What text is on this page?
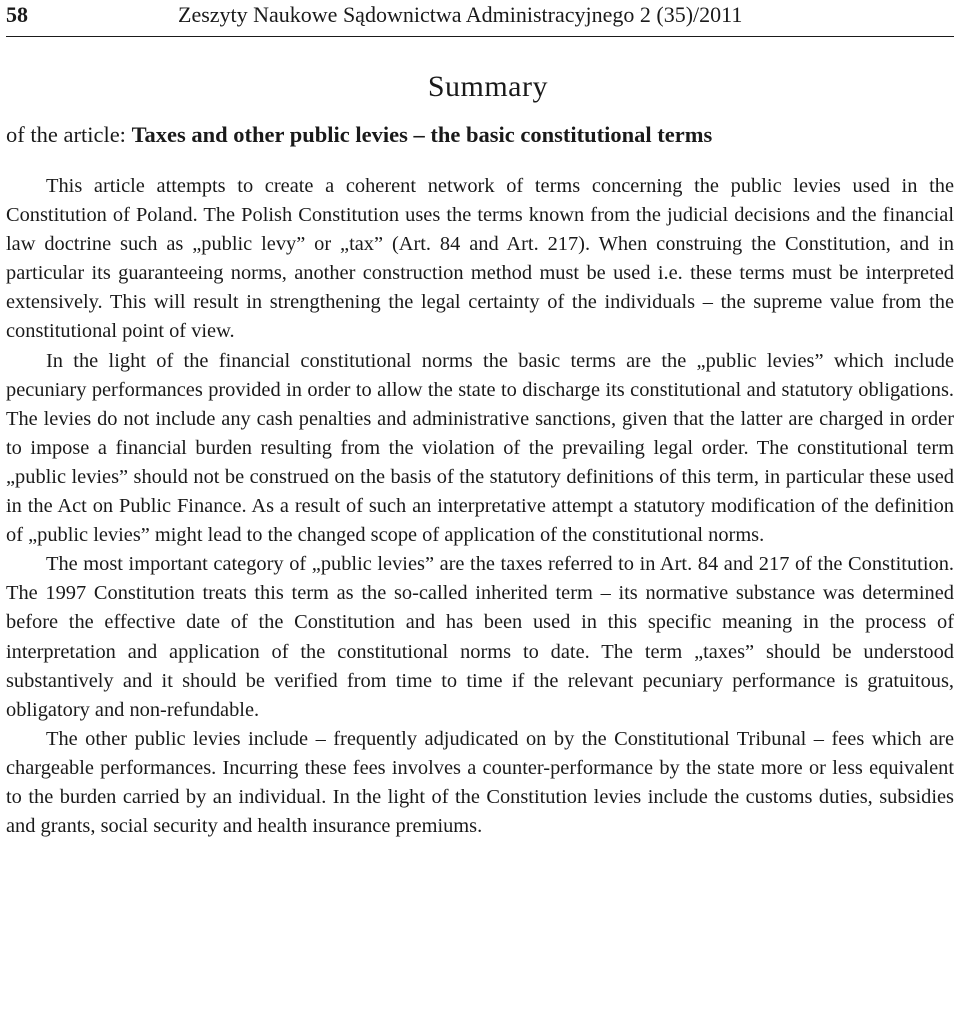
58	Zeszyty Naukowe Sądownictwa Administracyjnego 2 (35)/2011
Summary
of the article: Taxes and other public levies – the basic constitutional terms

This article attempts to create a coherent network of terms concerning the public levies used in the Constitution of Poland. The Polish Constitution uses the terms known from the judicial decisions and the financial law doctrine such as „public levy” or „tax” (Art. 84 and Art. 217). When construing the Constitution, and in particular its guaranteeing norms, another construction method must be used i.e. these terms must be interpreted extensively. This will result in strengthening the legal certainty of the individuals – the supreme value from the constitutional point of view.

In the light of the financial constitutional norms the basic terms are the „public levies” which include pecuniary performances provided in order to allow the state to discharge its constitutional and statutory obligations. The levies do not include any cash penalties and administrative sanctions, given that the latter are charged in order to impose a financial burden resulting from the violation of the prevailing legal order. The constitutional term „public levies” should not be construed on the basis of the statutory definitions of this term, in particular these used in the Act on Public Finance. As a result of such an interpretative attempt a statutory modification of the definition of „public levies” might lead to the changed scope of application of the constitutional norms.

The most important category of „public levies” are the taxes referred to in Art. 84 and 217 of the Constitution. The 1997 Constitution treats this term as the so-called inherited term – its normative substance was determined before the effective date of the Constitution and has been used in this specific meaning in the process of interpretation and application of the constitutional norms to date. The term „taxes” should be understood substantively and it should be verified from time to time if the relevant pecuniary performance is gratuitous, obligatory and non-refundable.

The other public levies include – frequently adjudicated on by the Constitutional Tribunal – fees which are chargeable performances. Incurring these fees involves a counter-performance by the state more or less equivalent to the burden carried by an individual. In the light of the Constitution levies include the customs duties, subsidies and grants, social security and health insurance premiums.
